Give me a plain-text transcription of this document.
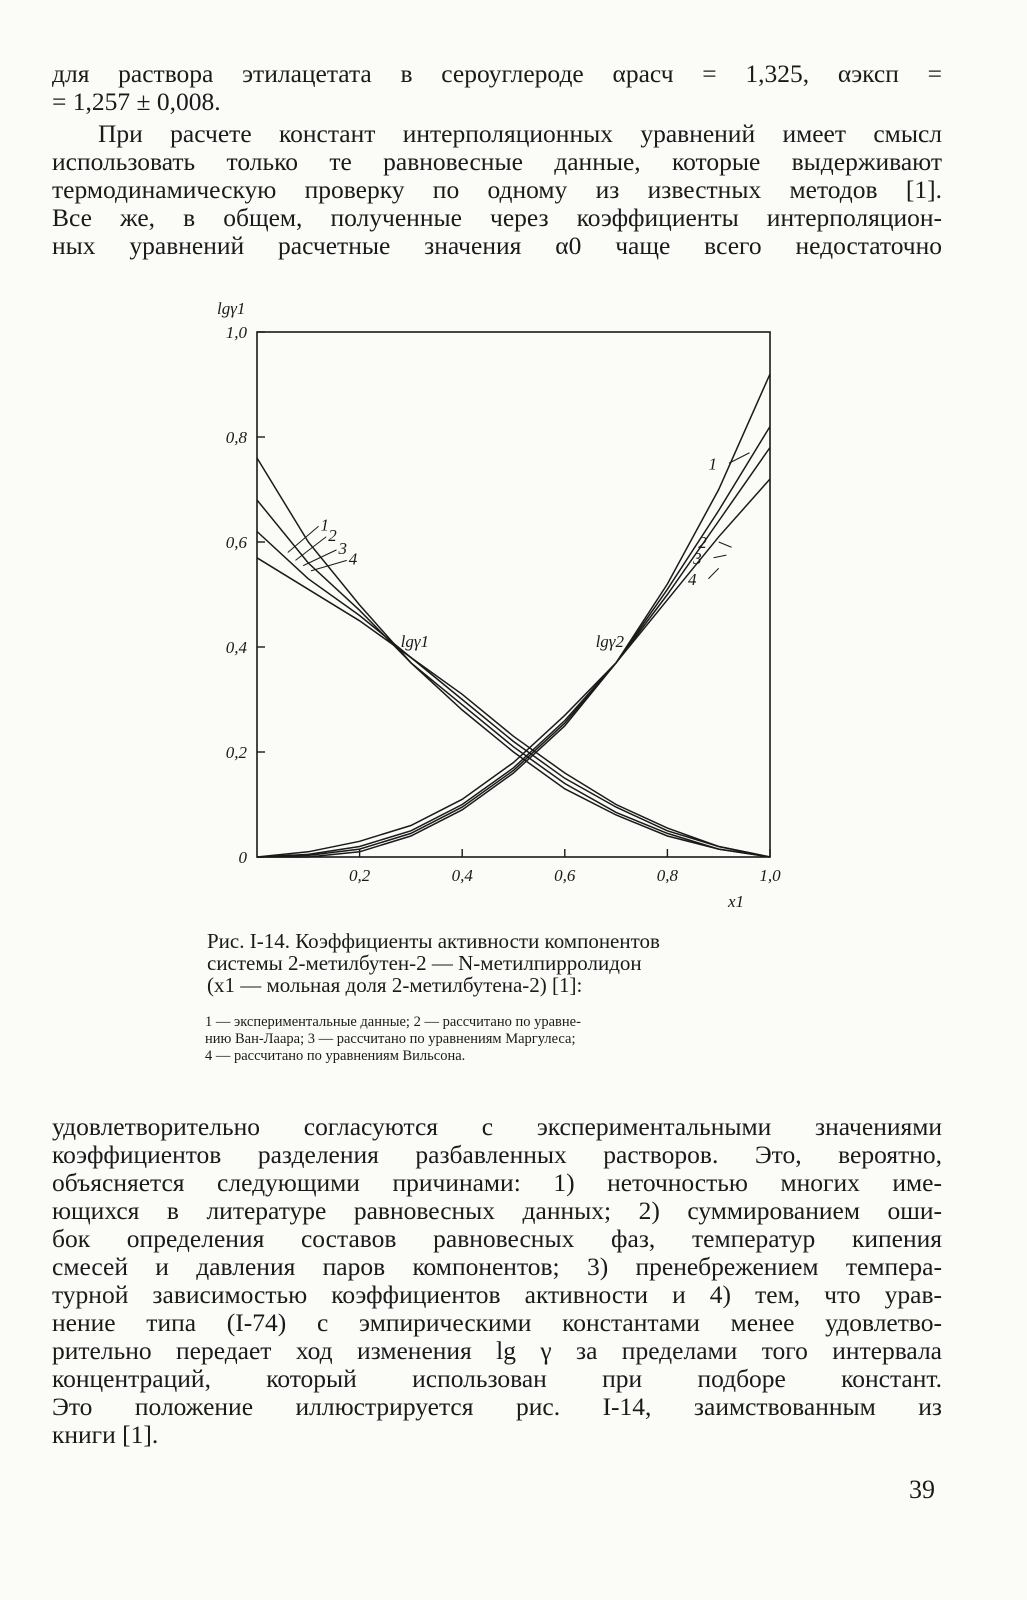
для раствора этилацетата в сероуглероде αрасч = 1,325, αэксп =
= 1,257 ± 0,008.
При расчете констант интерполяционных уравнений имеет смысл
использовать только те равновесные данные, которые выдерживают
термодинамическую проверку по одному из известных методов [1].
Все же, в общем, полученные через коэффициенты интерполяцион-
ных уравнений расчетные значения α0 чаще всего недостаточно
0
0,2
0,4
0,6
0,8
1,0
0,2	0,4	0,6	0,8	1,0
lgγ1
x1
lgγ1	lgγ2
1
2
3
4
1
2
3
4
Рис. I-14. Коэффициенты активности компонентов
системы 2-метилбутен-2 — N-метилпирролидон
(x1 — мольная доля 2-метилбутена-2) [1]:
1 — экспериментальные данные; 2 — рассчитано по уравне-
нию Ван-Лаара; 3 — рассчитано по уравнениям Маргулеса;
4 — рассчитано по уравнениям Вильсона.
удовлетворительно согласуются с экспериментальными значениями
коэффициентов разделения разбавленных растворов. Это, вероятно,
объясняется следующими причинами: 1) неточностью многих име-
ющихся в литературе равновесных данных; 2) суммированием оши-
бок определения составов равновесных фаз, температур кипения
смесей и давления паров компонентов; 3) пренебрежением темпера-
турной зависимостью коэффициентов активности и 4) тем, что урав-
нение типа (I-74) с эмпирическими константами менее удовлетво-
рительно передает ход изменения lg γ за пределами того интервала
концентраций, который использован при подборе констант.
Это положение иллюстрируется рис. I-14, заимствованным из
книги [1].
39
